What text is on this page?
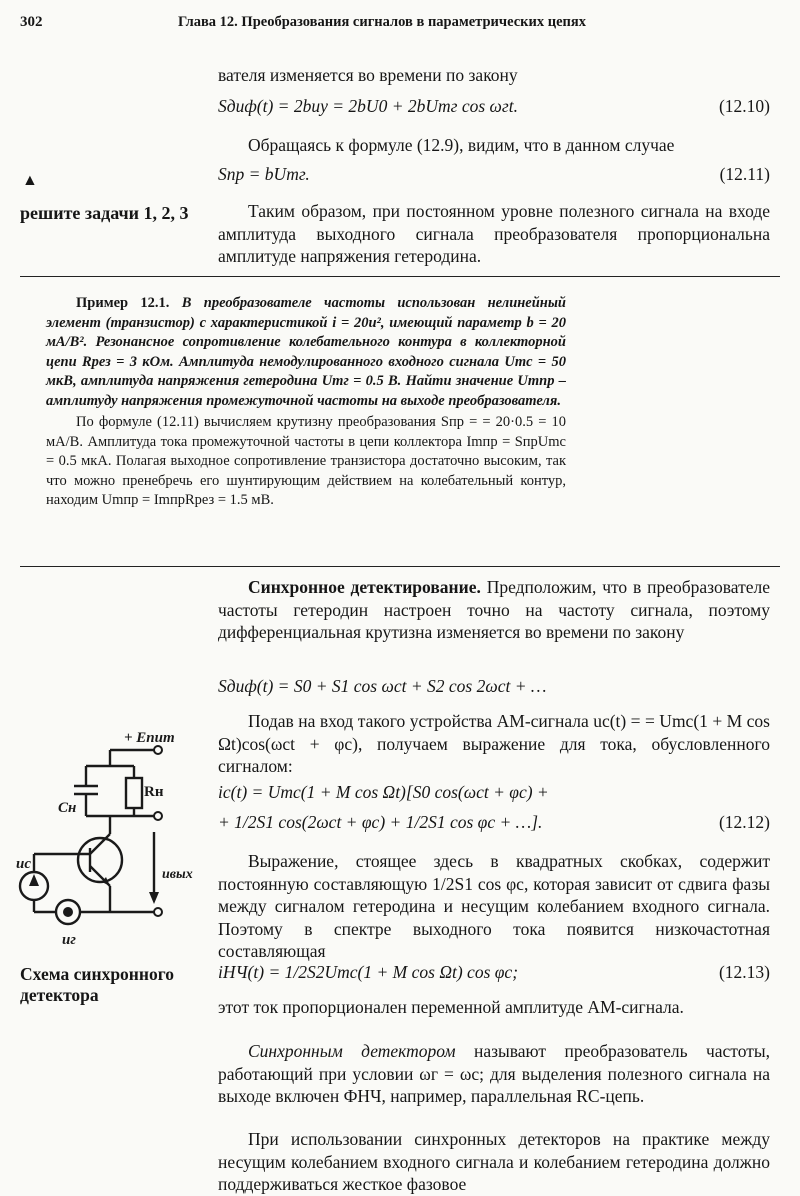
302	Глава 12. Преобразования сигналов в параметрических цепях
вателя изменяется во времени по закону
Sдиф(t) = 2buy = 2bU0 + 2bUmг cos ωгt.	(12.10)
Обращаясь к формуле (12.9), видим, что в данном случае
Sпр = bUmг.	(12.11)
Таким образом, при постоянном уровне полезного сигнала на входе амплитуда выходного сигнала преобразователя пропорциональна амплитуде напряжения гетеродина.
▲
решите задачи 1, 2, 3
Пример 12.1. В преобразователе частоты использован нелинейный элемент (транзистор) с характеристикой i = 20u², имеющий параметр b = 20 мА/В². Резонансное сопротивление колебательного контура в коллекторной цепи Rрез = 3 кОм. Амплитуда немодулированного входного сигнала Umc = 50 мкВ, амплитуда напряжения гетеродина Umг = 0.5 В. Найти значение Umпр – амплитуду напряжения промежуточной частоты на выходе преобразователя.
По формуле (12.11) вычисляем крутизну преобразования Sпр = = 20·0.5 = 10 мА/В. Амплитуда тока промежуточной частоты в цепи коллектора Imпр = SпрUmc = 0.5 мкА. Полагая выходное сопротивление транзистора достаточно высоким, так что можно пренебречь его шунтирующим действием на колебательный контур, находим Umпр = ImпрRрез = 1.5 мВ.
Синхронное детектирование. Предположим, что в преобразователе частоты гетеродин настроен точно на частоту сигнала, поэтому дифференциальная крутизна изменяется во времени по закону
Sдиф(t) = S0 + S1 cos ωct + S2 cos 2ωct + …
Подав на вход такого устройства АМ-сигнала uc(t) = = Umc(1 + M cos Ωt)cos(ωct + φc), получаем выражение для тока, обусловленного сигналом:
ic(t) = Umc(1 + M cos Ωt)[S0 cos(ωct + φc) +
+ 1/2S1 cos(2ωct + φc) + 1/2S1 cos φc + …].	(12.12)
Выражение, стоящее здесь в квадратных скобках, содержит постоянную составляющую 1/2S1 cos φc, которая зависит от сдвига фазы между сигналом гетеродина и несущим колебанием входного сигнала. Поэтому в спектре выходного тока появится низкочастотная составляющая
iНЧ(t) = 1/2S2Umc(1 + M cos Ωt) cos φc;	(12.13)
этот ток пропорционален переменной амплитуде АМ-сигнала.
Синхронным детектором называют преобразователь частоты, работающий при условии ωг = ωc; для выделения полезного сигнала на выходе включен ФНЧ, например, параллельная RC-цепь.
При использовании синхронных детекторов на практике между несущим колебанием входного сигнала и колебанием гетеродина должно поддерживаться жесткое фазовое
+ Eпит
Cн
Rн
uc
uг
uвых
Схема синхронного детектора
